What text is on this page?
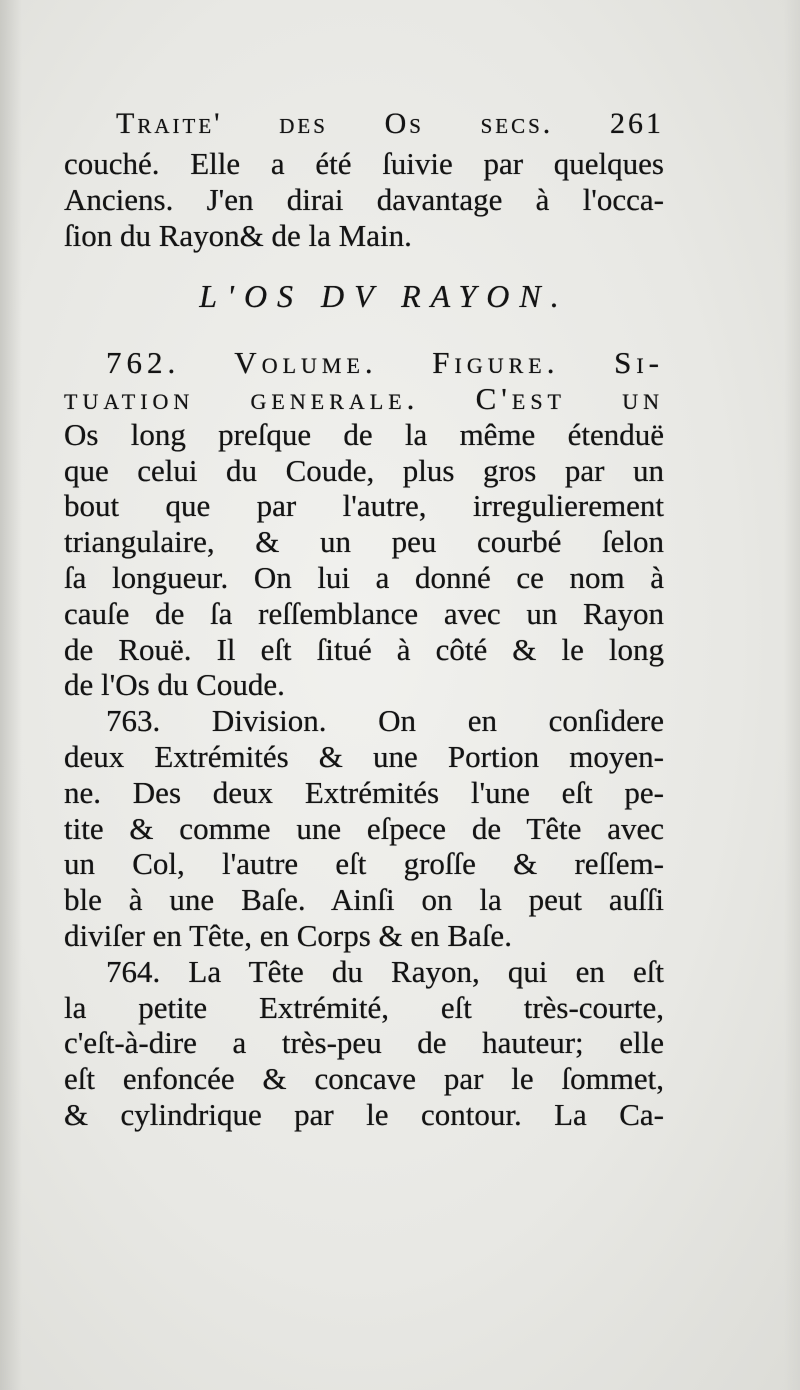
Traite' des Os secs. 261
couché. Elle a été ſuivie par quelques
Anciens. J'en dirai davantage à l'occa-
ſion du Rayon& de la Main.
L'OS DV RAYON.
762. Volume. Figure. Si-
tuation generale. C'eſt un
Os long preſque de la même étenduë
que celui du Coude, plus gros par un
bout que par l'autre, irregulierement
triangulaire, & un peu courbé ſelon
ſa longueur. On lui a donné ce nom à
cauſe de ſa reſſemblance avec un Rayon
de Rouë. Il eſt ſitué à côté & le long
de l'Os du Coude.
763. Division. On en conſidere
deux Extrémités & une Portion moyen-
ne. Des deux Extrémités l'une eſt pe-
tite & comme une eſpece de Tête avec
un Col, l'autre eſt groſſe & reſſem-
ble à une Baſe. Ainſi on la peut auſſi
diviſer en Tête, en Corps & en Baſe.
764. La Tête du Rayon, qui en eſt
la petite Extrémité, eſt très-courte,
c'eſt-à-dire a très-peu de hauteur; elle
eſt enfoncée & concave par le ſommet,
& cylindrique par le contour. La Ca-
